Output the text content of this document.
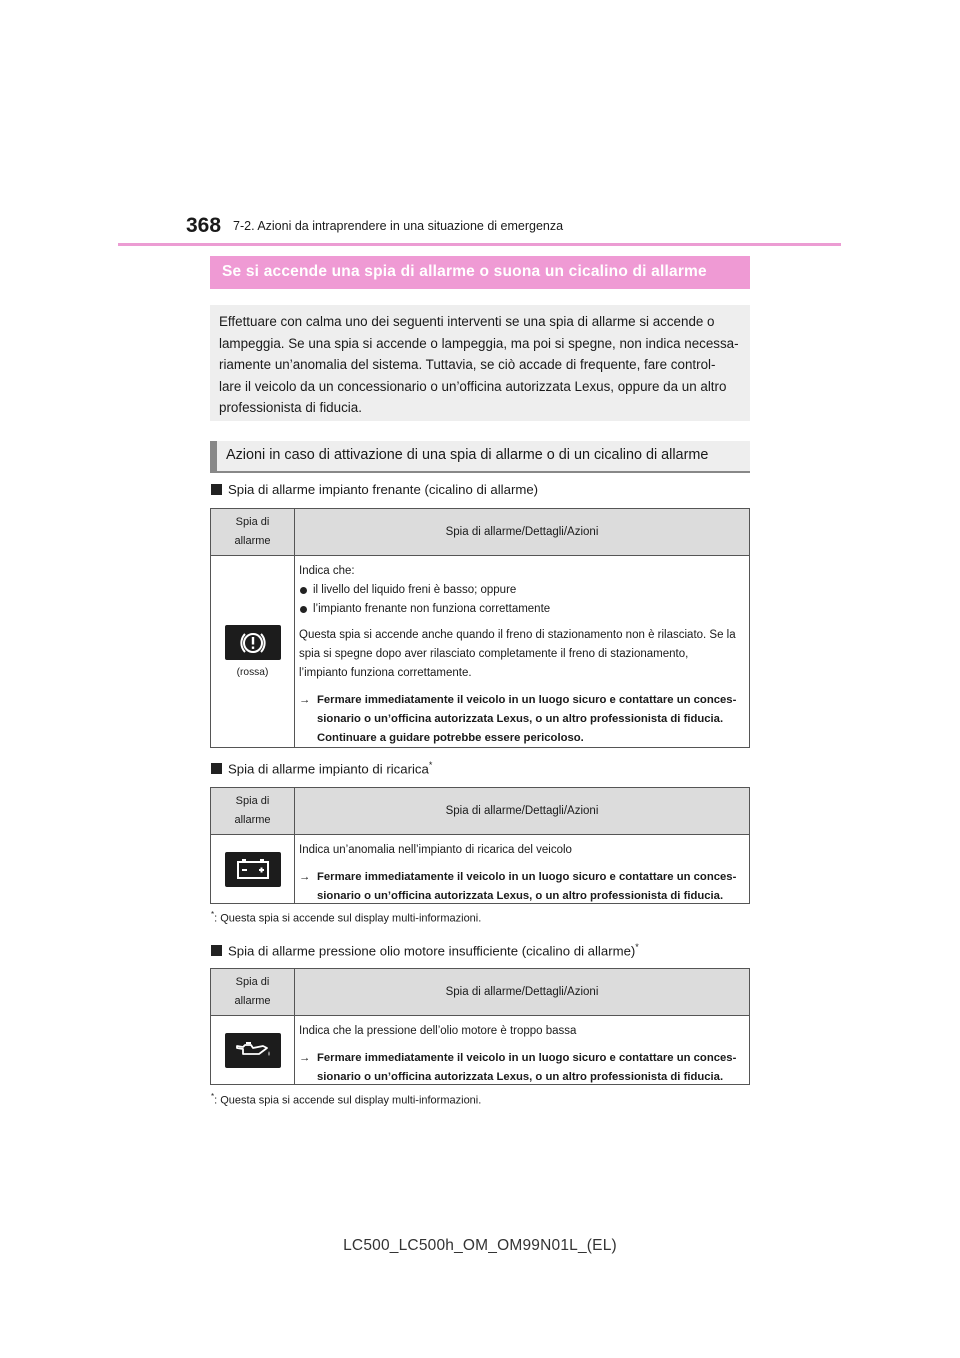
368 7-2. Azioni da intraprendere in una situazione di emergenza
Se si accende una spia di allarme o suona un cicalino di allarme
Effettuare con calma uno dei seguenti interventi se una spia di allarme si accende o
lampeggia. Se una spia si accende o lampeggia, ma poi si spegne, non indica necessa-
riamente un’anomalia del sistema. Tuttavia, se ciò accade di frequente, fare control-
lare il veicolo da un concessionario o un’officina autorizzata Lexus, oppure da un altro
professionista di fiducia.
Azioni in caso di attivazione di una spia di allarme o di un cicalino di allarme
Spia di allarme impianto frenante (cicalino di allarme)
Spia di
allarme
Spia di allarme/Dettagli/Azioni
(rossa)
Indica che:
il livello del liquido freni è basso; oppure
l’impianto frenante non funziona correttamente
Questa spia si accende anche quando il freno di stazionamento non è rilasciato. Se la
spia si spegne dopo aver rilasciato completamente il freno di stazionamento,
l’impianto funziona correttamente.
→ Fermare immediatamente il veicolo in un luogo sicuro e contattare un conces-
sionario o un’officina autorizzata Lexus, o un altro professionista di fiducia.
Continuare a guidare potrebbe essere pericoloso.
Spia di allarme impianto di ricarica*
Spia di
allarme
Spia di allarme/Dettagli/Azioni
Indica un’anomalia nell’impianto di ricarica del veicolo
→ Fermare immediatamente il veicolo in un luogo sicuro e contattare un conces-
sionario o un’officina autorizzata Lexus, o un altro professionista di fiducia.
*: Questa spia si accende sul display multi-informazioni.
Spia di allarme pressione olio motore insufficiente (cicalino di allarme)*
Spia di
allarme
Spia di allarme/Dettagli/Azioni
Indica che la pressione dell’olio motore è troppo bassa
→ Fermare immediatamente il veicolo in un luogo sicuro e contattare un conces-
sionario o un’officina autorizzata Lexus, o un altro professionista di fiducia.
*: Questa spia si accende sul display multi-informazioni.
LC500_LC500h_OM_OM99N01L_(EL)
